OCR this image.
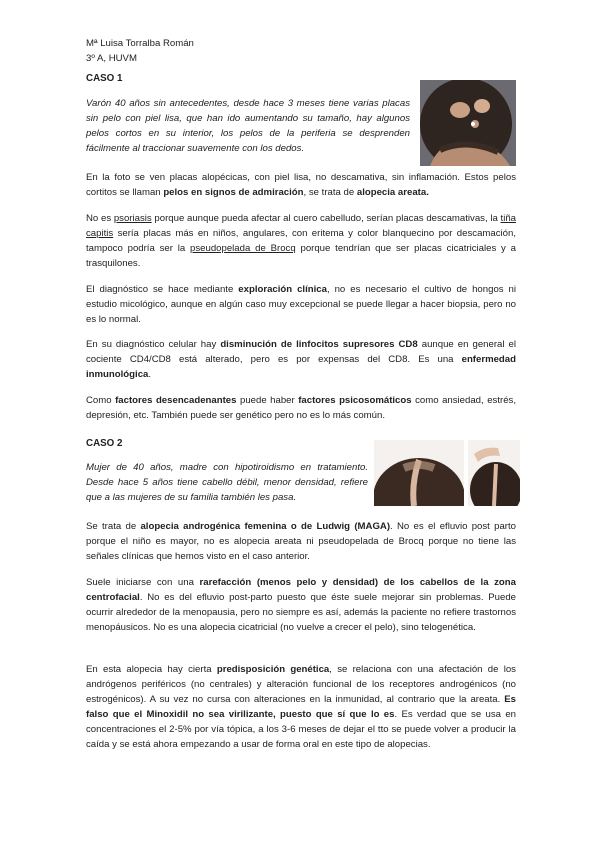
Mª Luisa Torralba Román

3º A, HUVM

CASO 1

Varón 40 años sin antecedentes, desde hace 3 meses tiene varias placas sin pelo con piel lisa, que han ido aumentando su tamaño, hay algunos pelos cortos en su interior, los pelos de la periferia se desprenden fácilmente al traccionar suavemente con los dedos.

En la foto se ven placas alopécicas, con piel lisa, no descamativa, sin inflamación. Estos pelos cortitos se llaman pelos en signos de admiración, se trata de alopecia areata.

No es psoriasis porque aunque pueda afectar al cuero cabelludo, serían placas descamativas, la tiña capitis sería placas más en niños, angulares, con eritema y color blanquecino por descamación, tampoco podría ser la pseudopelada de Brocq porque tendrían que ser placas cicatriciales y a trasquilones.

El diagnóstico se hace mediante exploración clínica, no es necesario el cultivo de hongos ni estudio micológico, aunque en algún caso muy excepcional se puede llegar a hacer biopsia, pero no es lo normal.

En su diagnóstico celular hay disminución de linfocitos supresores CD8 aunque en general el cociente CD4/CD8 está alterado, pero es por expensas del CD8. Es una enfermedad inmunológica.

Como factores desencadenantes puede haber factores psicosomáticos como ansiedad, estrés, depresión, etc. También puede ser genético pero no es lo más común.

CASO 2

Mujer de 40 años, madre con hipotiroidismo en tratamiento. Desde hace 5 años tiene cabello débil, menor densidad, refiere que a las mujeres de su familia también les pasa.

Se trata de alopecia androgénica femenina o de Ludwig (MAGA). No es el efluvio post parto porque el niño es mayor, no es alopecia areata ni pseudopelada de Brocq porque no tiene las señales clínicas que hemos visto en el caso anterior.

Suele iniciarse con una rarefacción (menos pelo y densidad) de los cabellos de la zona centrofacial. No es del efluvio post-parto puesto que éste suele mejorar sin problemas. Puede ocurrir alrededor de la menopausia, pero no siempre es así, además la paciente no refiere trastornos menopáusicos. No es una alopecia cicatricial (no vuelve a crecer el pelo), sino telogenética.

En esta alopecia hay cierta predisposición genética, se relaciona con una afectación de los andrógenos periféricos (no centrales) y alteración funcional de los receptores androgénicos (no estrogénicos). A su vez no cursa con alteraciones en la inmunidad, al contrario que la areata. Es falso que el Minoxidil no sea virilizante, puesto que sí que lo es. Es verdad que se usa en concentraciones el 2-5% por vía tópica, a los 3-6 meses de dejar el tto se puede volver a producir la caída y se está ahora empezando a usar de forma oral en este tipo de alopecias.
